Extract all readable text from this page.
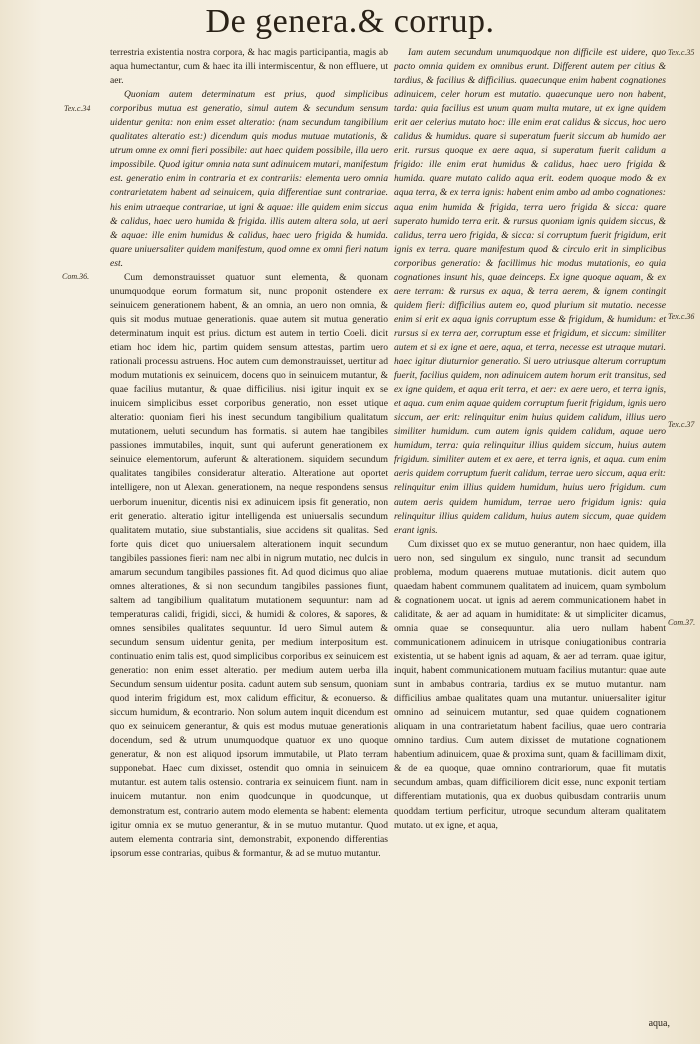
De genera.& corrup.
Tex.c.34
Com.36.
Tex.c.35
Tex.c.36
Tex.c.37
Com.37.

terrestria existentia nostra corpora, & hac magis participantia, magis ab aqua humectantur, cum & haec ita illi intermiscentur, & non effluere, ut aer.

Quoniam autem determinatum est prius, quod simplicibus corporibus mutua est generatio, simul autem & secundum sensum uidentur genita: non enim esset alteratio: (nam secundum tangibilium qualitates alteratio est:) dicendum quis modus mutuae mutationis, & utrum omne ex omni fieri possibile: aut haec quidem possibile, illa uero impossibile. Quod igitur omnia nata sunt adinuicem mutari, manifestum est. generatio enim in contraria et ex contrariis: elementa uero omnia contrarietatem habent ad seinuicem, quia differentiae sunt contrariae. his enim utraeque contrariae, ut igni & aquae: ille quidem enim siccus & calidus, haec uero humida & frigida. illis autem altera sola, ut aeri & aquae: ille enim humidus & calidus, haec uero frigida & humida. quare uniuersaliter quidem manifestum, quod omne ex omni fieri natum est.

Cum demonstrauisset quatuor sunt elementa, & quonam unumquodque eorum formatum sit, nunc proponit ostendere ex seinuicem generationem habent, & an omnia, an uero non omnia, & quis sit modus mutuae generationis. quae autem sit mutua generatio determinatum inquit est prius. dictum est autem in tertio Coeli. dicit etiam hoc idem hic, partim quidem sensum attestas, partim uero rationali processu astruens. Hoc autem cum demonstrauisset, uertitur ad modum mutationis ex seinuicem, docens quo in seinuicem mutantur, & quae facilius mutantur, & quae difficilius. nisi igitur inquit ex se inuicem simplicibus esset corporibus generatio, non esset utique alteratio: quoniam fieri his inest secundum tangibilium qualitatum mutationem, ueluti secundum has formatis. si autem hae tangibiles passiones immutabiles, inquit, sunt qui auferunt generationem ex seinuice elementorum, auferunt & alterationem. siquidem secundum qualitates tangibiles consideratur alteratio. Alteratione aut oportet intelligere, non ut Alexan. generationem, na neque respondens sensus uerborum inuenitur, dicentis nisi ex adinuicem ipsis fit generatio, non erit generatio. alteratio igitur intelligenda est uniuersalis secundum qualitatem mutatio, siue substantialis, siue accidens sit qualitas. Sed forte quis dicet quo uniuersalem alterationem inquit secundum tangibiles passiones fieri: nam nec albi in nigrum mutatio, nec dulcis in amarum secundum tangibiles passiones fit. Ad quod dicimus quo aliae omnes alterationes, & si non secundum tangibiles passiones fiunt, saltem ad tangibilium qualitatum mutationem sequuntur: nam ad temperaturas calidi, frigidi, sicci, & humidi & colores, & sapores, & omnes sensibiles qualitates sequuntur. Id uero Simul autem & secundum sensum uidentur genita, per medium interpositum est. continuatio enim talis est, quod simplicibus corporibus ex seinuicem est generatio: non enim esset alteratio. per medium autem uerba illa Secundum sensum uidentur posita. cadunt autem sub sensum, quoniam quod interim frigidum est, mox calidum efficitur, & econuerso. & siccum humidum, & econtrario. Non solum autem inquit dicendum est quo ex seinuicem generantur, & quis est modus mutuae generationis docendum, sed & utrum unumquodque quatuor ex uno quoque generatur, & non est aliquod ipsorum immutabile, ut Plato terram supponebat. Haec cum dixisset, ostendit quo omnia in seinuicem mutantur. est autem talis ostensio. contraria ex seinuicem fiunt. nam in inuicem mutantur. non enim quodcunque in quodcunque, ut demonstratum est, contrario autem modo elementa se habent: elementa igitur omnia ex se mutuo generantur, & in se mutuo mutantur. Quod autem elementa contraria sint, demonstrabit, exponendo differentias ipsorum esse contrarias, quibus & formantur, & ad se mutuo mutantur.

Iam autem secundum unumquodque non difficile est uidere, quo pacto omnia quidem ex omnibus erunt. Different autem per citius & tardius, & facilius & difficilius. quaecunque enim habent cognationes adinuicem, celer horum est mutatio. quaecunque uero non habent, tarda: quia facilius est unum quam multa mutare, ut ex igne quidem erit aer celerius mutato hoc: ille enim erat calidus & siccus, hoc uero calidus & humidus. quare si superatum fuerit siccum ab humido aer erit. rursus quoque ex aere aqua, si superatum fuerit calidum a frigido: ille enim erat humidus & calidus, haec uero frigida & humida. quare mutato calido aqua erit. eodem quoque modo & ex aqua terra, & ex terra ignis: habent enim ambo ad ambo cognationes: aqua enim humida & frigida, terra uero frigida & sicca: quare superato humido terra erit. & rursus quoniam ignis quidem siccus, & calidus, terra uero frigida, & sicca: si corruptum fuerit frigidum, erit ignis ex terra. quare manifestum quod & circulo erit in simplicibus corporibus generatio: & facillimus hic modus mutationis, eo quia cognationes insunt his, quae deinceps. Ex igne quoque aquam, & ex aere terram: & rursus ex aqua, & terra aerem, & ignem contingit quidem fieri: difficilius autem eo, quod plurium sit mutatio. necesse enim si erit ex aqua ignis corruptum esse & frigidum, & humidum: et rursus si ex terra aer, corruptum esse et frigidum, et siccum: similiter autem et si ex igne et aere, aqua, et terra, necesse est utraque mutari. haec igitur diuturnior generatio. Si uero utriusque alterum corruptum fuerit, facilius quidem, non adinuicem autem horum erit transitus, sed ex igne quidem, et aqua erit terra, et aer: ex aere uero, et terra ignis, et aqua. cum enim aquae quidem corruptum fuerit frigidum, ignis uero siccum, aer erit: relinquitur enim huius quidem calidum, illius uero similiter humidum. cum autem ignis quidem calidum, aquae uero humidum, terra: quia relinquitur illius quidem siccum, huius autem frigidum. similiter autem et ex aere, et terra ignis, et aqua. cum enim aeris quidem corruptum fuerit calidum, terrae uero siccum, aqua erit: relinquitur enim illius quidem humidum, huius uero frigidum. cum autem aeris quidem humidum, terrae uero frigidum ignis: quia relinquitur illius quidem calidum, huius autem siccum, quae quidem erant ignis.

Cum dixisset quo ex se mutuo generantur, non haec quidem, illa uero non, sed singulum ex singulo, nunc transit ad secundum problema, modum quaerens mutuae mutationis. dicit autem quo quaedam habent communem qualitatem ad inuicem, quam symbolum & cognationem uocat. ut ignis ad aerem communicationem habet in caliditate, & aer ad aquam in humiditate: & ut simpliciter dicamus, omnia quae se consequuntur. alia uero nullam habent communicationem adinuicem in utrisque coniugationibus contraria existentia, ut se habent ignis ad aquam, & aer ad terram. quae igitur, inquit, habent communicationem mutuam facilius mutantur: quae aute sunt in ambabus contraria, tardius ex se mutuo mutantur. nam difficilius ambae qualitates quam una mutantur. uniuersaliter igitur omnino ad seinuicem mutantur, sed quae quidem cognationem aliquam in una contrarietatum habent facilius, quae uero contraria omnino tardius. Cum autem dixisset de mutatione cognationem habentium adinuicem, quae & proxima sunt, quam & facillimam dixit, & de ea quoque, quae omnino contrariorum, quae fit mutatis secundum ambas, quam difficiliorem dicit esse, nunc exponit tertiam differentiam mutationis, qua ex duobus quibusdam contrariis unum quoddam tertium perficitur, utroque secundum alteram qualitatem mutato. ut ex igne, et aqua,

aqua,
